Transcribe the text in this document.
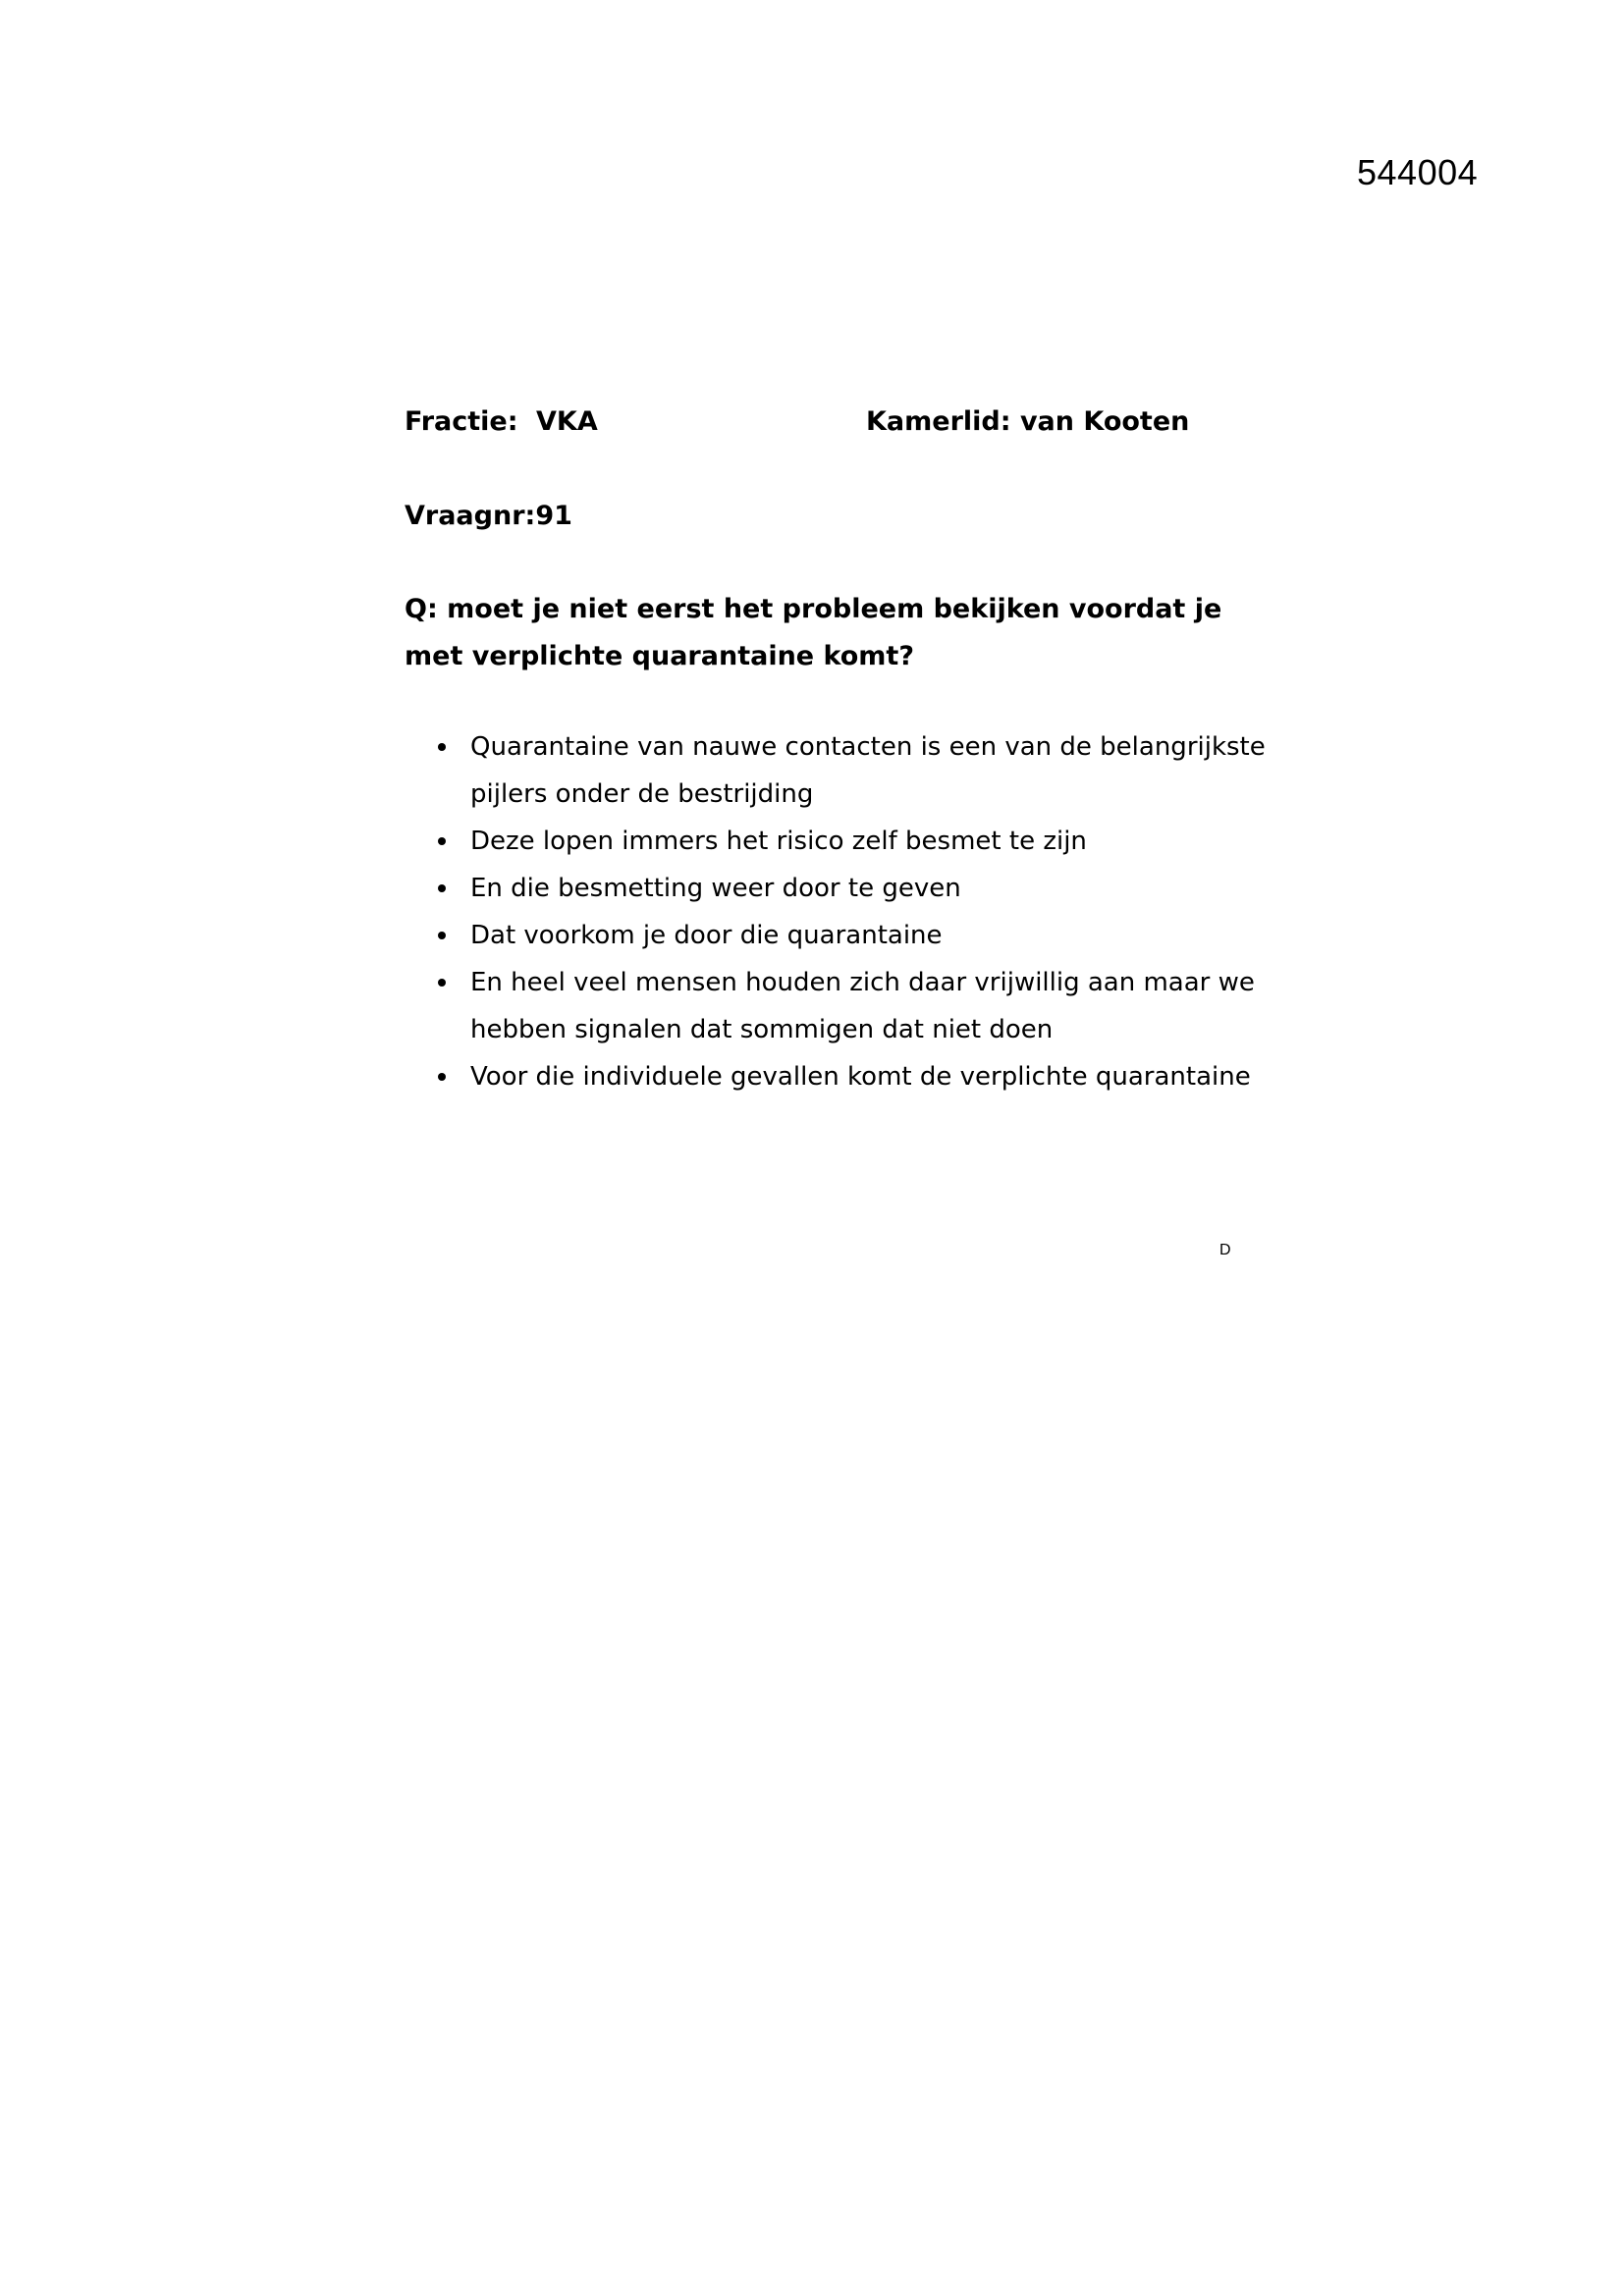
544004
Fractie: VKA	Kamerlid: van Kooten
Vraagnr:91

Q: moet je niet eerst het probleem bekijken voordat je
met verplichte quarantaine komt?

Quarantaine van nauwe contacten is een van de belangrijkste pijlers onder de bestrijding
Deze lopen immers het risico zelf besmet te zijn
En die besmetting weer door te geven
Dat voorkom je door die quarantaine
En heel veel mensen houden zich daar vrijwillig aan maar we hebben signalen dat sommigen dat niet doen
Voor die individuele gevallen komt de verplichte quarantaine
D
